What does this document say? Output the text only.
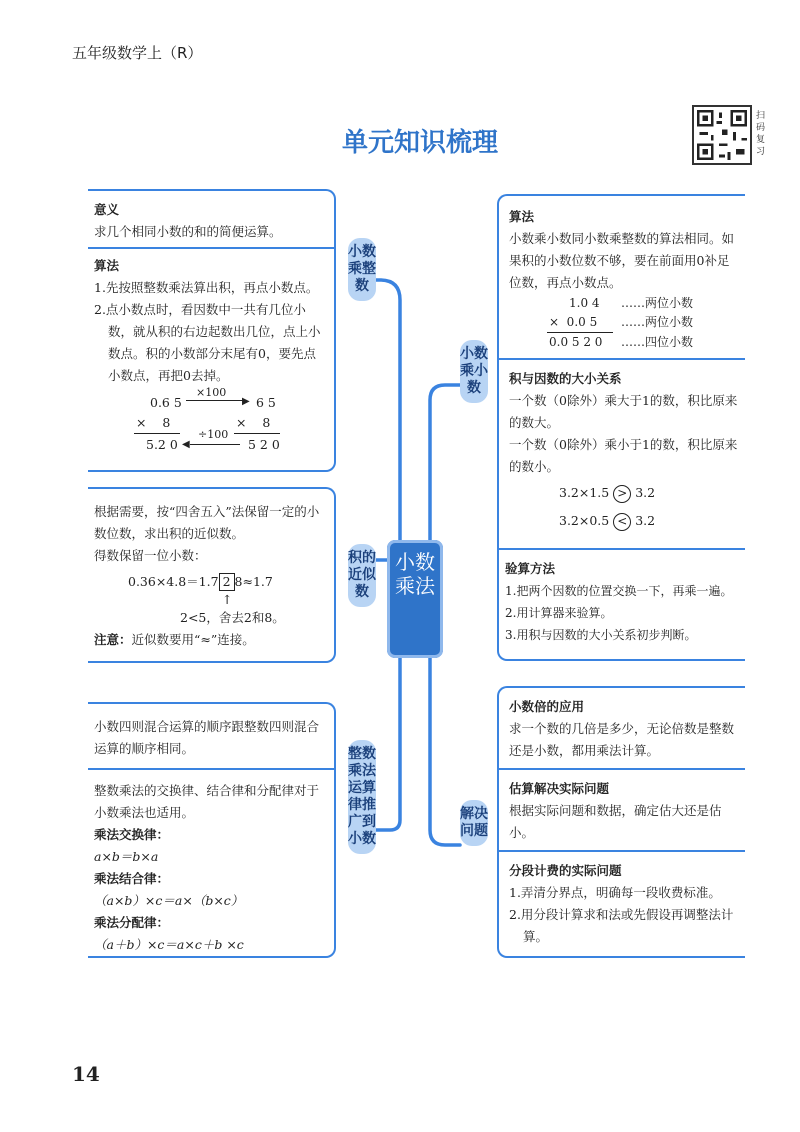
五年级数学上（R）
单元知识梳理
扫码复习
意义
求几个相同小数的和的简便运算。
算法
1.先按照整数乘法算出积，再点小数点。
2.点小数点时，看因数中一共有几位小数，就从积的右边起数出几位，点上小数点。积的小数部分末尾有0，要先点小数点，再把0去掉。
0.6 5
×100
▶ 6 5
×    8	×    8
5.2 0 ◀
÷100
5 2 0
小数乘整数
根据需要，按“四舍五入”法保留一定的小数位数，求出积的近似数。
得数保留一位小数：
0.36×4.8＝1.7 2 8≈1.7
↑
2<5，舍去2和8。
注意：近似数要用“≈”连接。
积的近似数
小数四则混合运算的顺序跟整数四则混合运算的顺序相同。
整数乘法的交换律、结合律和分配律对于小数乘法也适用。
乘法交换律：
a×b＝b×a
乘法结合律：
（a×b）×c＝a×（b×c）
乘法分配律：
（a＋b）×c＝a×c＋b ×c
整数乘法运算律推广到小数
小数乘法
算法
小数乘小数同小数乘整数的算法相同。如果积的小数位数不够，要在前面用0补足位数，再点小数点。
1.0 4 ……两位小数
×  0.0 5 ……两位小数
0.0 5 2 0 ……四位小数
积与因数的大小关系
一个数（0除外）乘大于1的数，积比原来的数大。
一个数（0除外）乘小于1的数，积比原来的数小。
3.2×1.5 > 3.2
3.2×0.5 < 3.2
验算方法
1.把两个因数的位置交换一下，再乘一遍。
2.用计算器来验算。
3.用积与因数的大小关系初步判断。
小数乘小数
小数倍的应用
求一个数的几倍是多少，无论倍数是整数还是小数，都用乘法计算。
估算解决实际问题
根据实际问题和数据，确定估大还是估小。
分段计费的实际问题
1.弄清分界点，明确每一段收费标准。
2.用分段计算求和法或先假设再调整法计算。
解决问题
14
